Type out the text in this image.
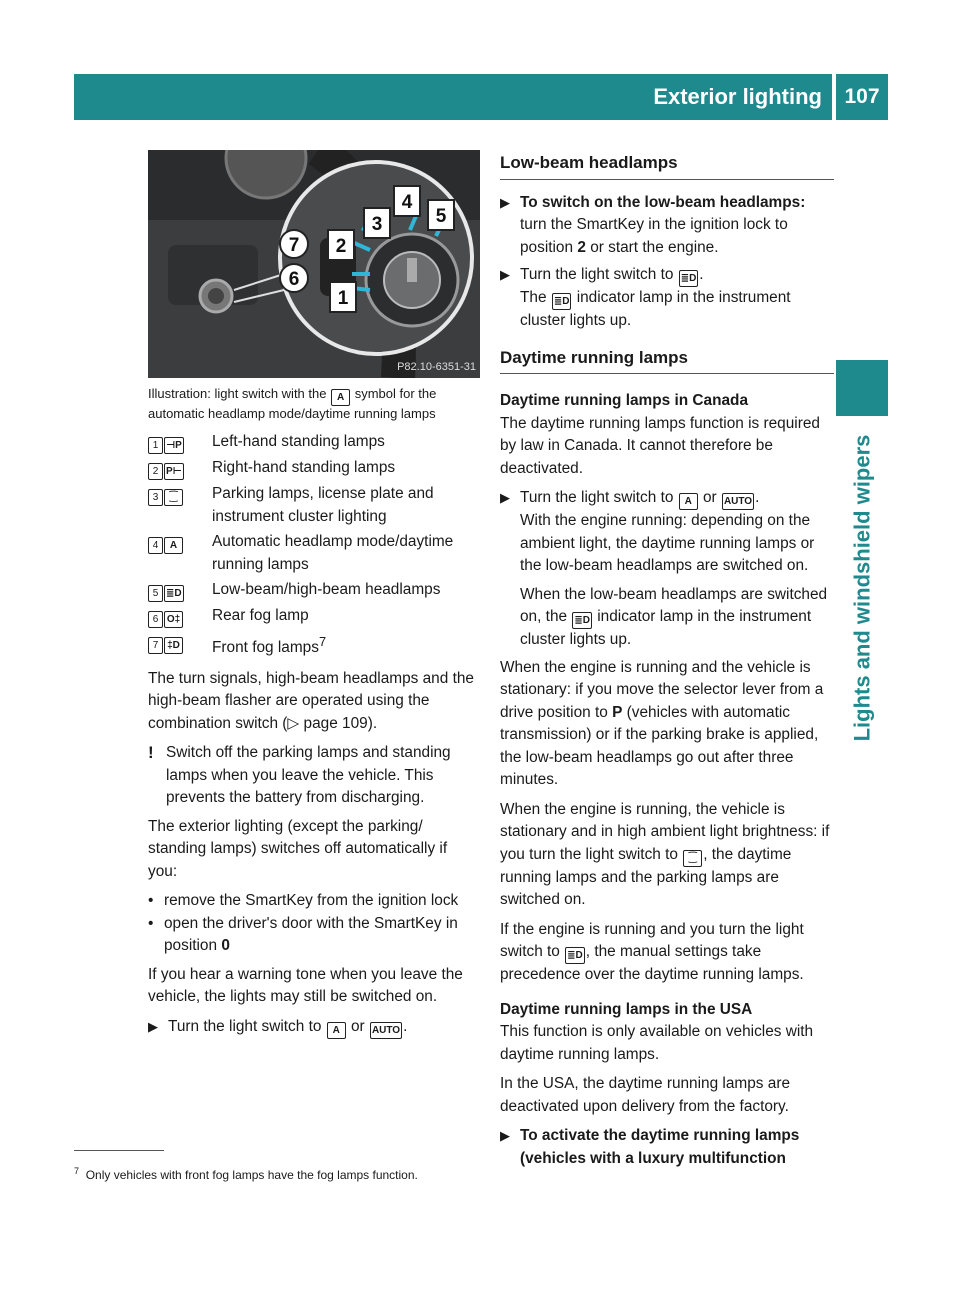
Exterior lighting	107
Lights and windshield wipers
1
2
3
4
5
6
7
P82.10-6351-31
Illustration: light switch with the A symbol for the automatic headlamp mode/daytime running lamps
1 ⊣P	Left-hand standing lamps
2 P⊢	Right-hand standing lamps
3 ⁐	Parking lamps, license plate and instrument cluster lighting
4 A	Automatic headlamp mode/daytime running lamps
5 ≣D	Low-beam/high-beam headlamps
6 O‡	Rear fog lamp
7 ‡D	Front fog lamps$^7$

The turn signals, high-beam headlamps and the high-beam flasher are operated using the combination switch (▷ page 109).

! Switch off the parking lamps and standing lamps when you leave the vehicle. This prevents the battery from discharging.

The exterior lighting (except the parking/ standing lamps) switches off automatically if you:

• remove the SmartKey from the ignition lock
• open the driver's door with the SmartKey in position 0

If you hear a warning tone when you leave the vehicle, the lights may still be switched on.

▶ Turn the light switch to A or AUTO .
Low-beam headlamps
▶ To switch on the low-beam headlamps: turn the SmartKey in the ignition lock to position 2 or start the engine.
▶ Turn the light switch to ≣D .
The ≣D indicator lamp in the instrument cluster lights up.
Daytime running lamps
Daytime running lamps in Canada

The daytime running lamps function is required by law in Canada. It cannot therefore be deactivated.

▶ Turn the light switch to A or AUTO .
With the engine running: depending on the ambient light, the daytime running lamps or the low-beam headlamps are switched on.
When the low-beam headlamps are switched on, the ≣D indicator lamp in the instrument cluster lights up.

When the engine is running and the vehicle is stationary: if you move the selector lever from a drive position to P (vehicles with automatic transmission) or if the parking brake is applied, the low-beam headlamps go out after three minutes.

When the engine is running, the vehicle is stationary and in high ambient light brightness: if you turn the light switch to ⁐ , the daytime running lamps and the parking lamps are switched on.

If the engine is running and you turn the light switch to ≣D , the manual settings take precedence over the daytime running lamps.

Daytime running lamps in the USA

This function is only available on vehicles with daytime running lamps.

In the USA, the daytime running lamps are deactivated upon delivery from the factory.

▶ To activate the daytime running lamps (vehicles with a luxury multifunction
$^7$ Only vehicles with front fog lamps have the fog lamps function.
